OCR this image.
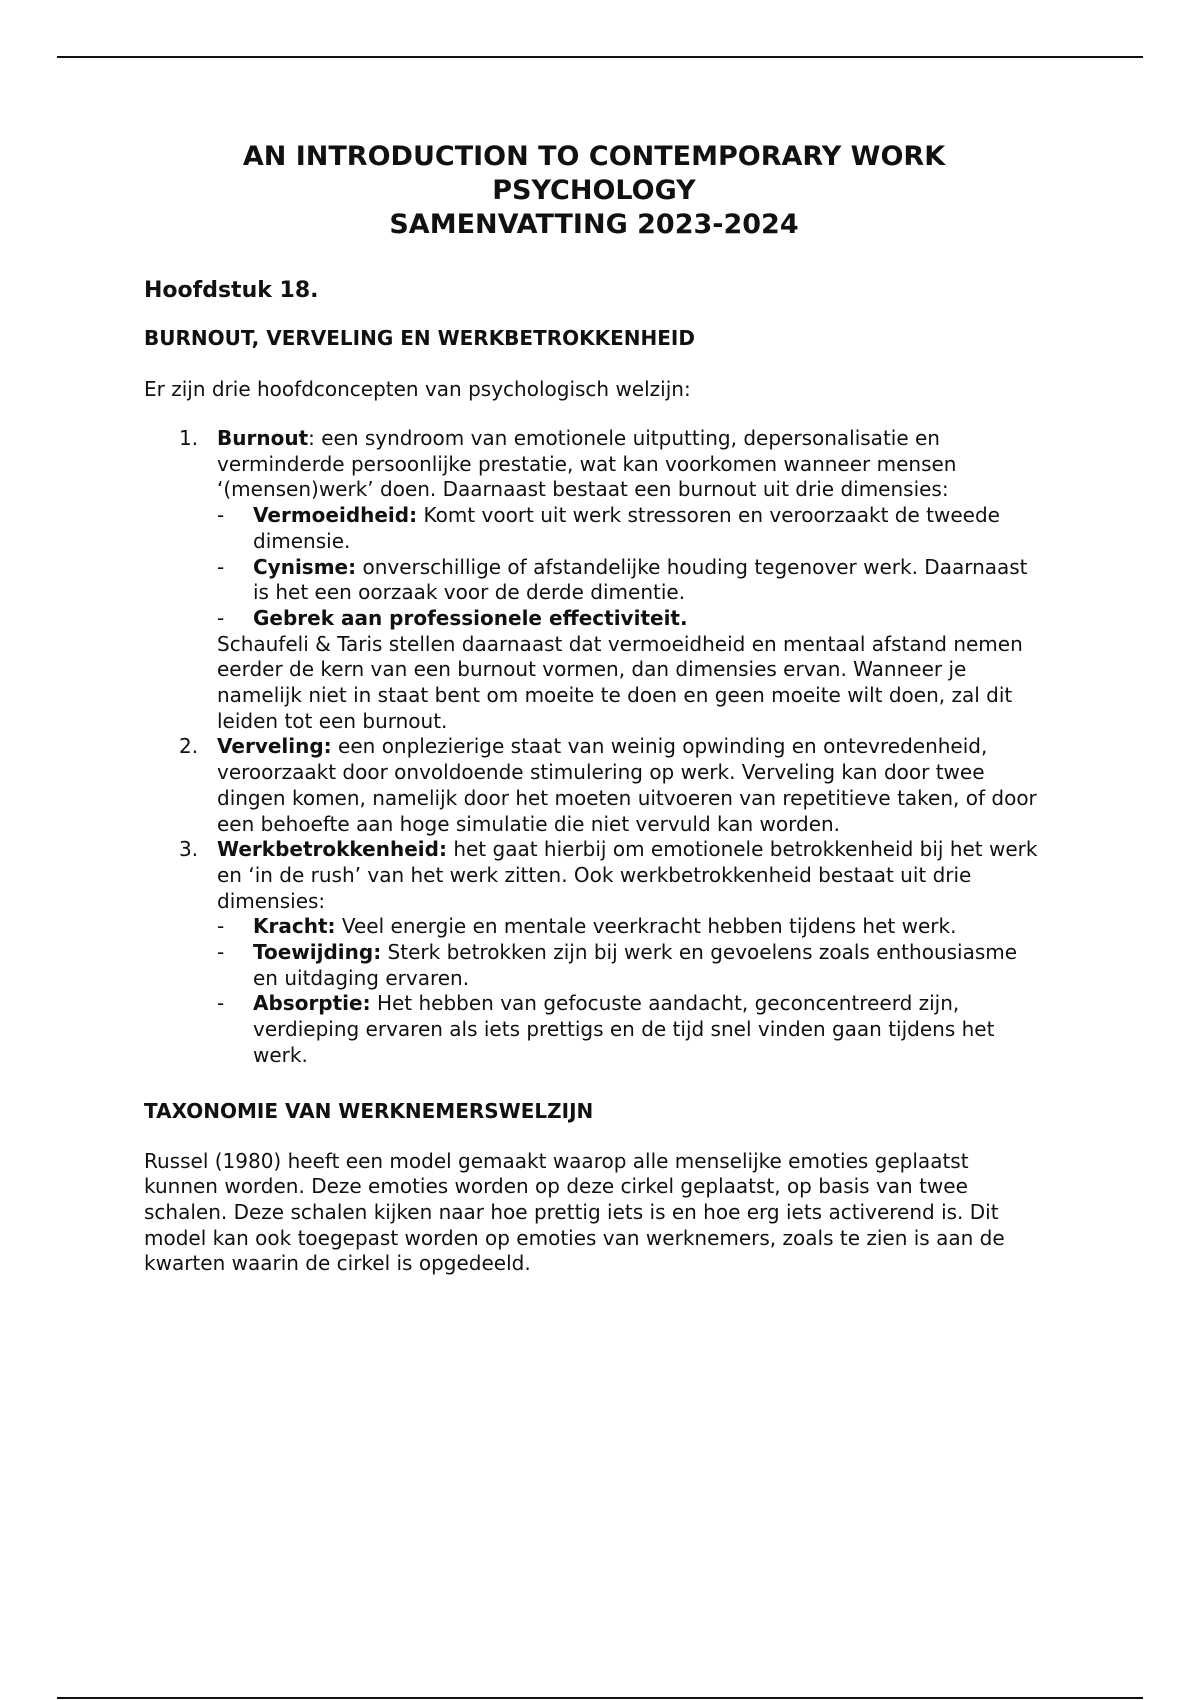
AN INTRODUCTION TO CONTEMPORARY WORK
PSYCHOLOGY
SAMENVATTING 2023-2024
Hoofdstuk 18.
BURNOUT, VERVELING EN WERKBETROKKENHEID

Er zijn drie hoofdconcepten van psychologisch welzijn:

1. Burnout: een syndroom van emotionele uitputting, depersonalisatie en verminderde persoonlijke prestatie, wat kan voorkomen wanneer mensen ‘(mensen)werk’ doen. Daarnaast bestaat een burnout uit drie dimensies:
- Vermoeidheid: Komt voort uit werk stressoren en veroorzaakt de tweede dimensie.
- Cynisme: onverschillige of afstandelijke houding tegenover werk. Daarnaast is het een oorzaak voor de derde dimentie.
- Gebrek aan professionele effectiviteit.
Schaufeli & Taris stellen daarnaast dat vermoeidheid en mentaal afstand nemen eerder de kern van een burnout vormen, dan dimensies ervan. Wanneer je namelijk niet in staat bent om moeite te doen en geen moeite wilt doen, zal dit leiden tot een burnout.
2. Verveling: een onplezierige staat van weinig opwinding en ontevredenheid, veroorzaakt door onvoldoende stimulering op werk. Verveling kan door twee dingen komen, namelijk door het moeten uitvoeren van repetitieve taken, of door een behoefte aan hoge simulatie die niet vervuld kan worden.
3. Werkbetrokkenheid: het gaat hierbij om emotionele betrokkenheid bij het werk en ‘in de rush’ van het werk zitten. Ook werkbetrokkenheid bestaat uit drie dimensies:
- Kracht: Veel energie en mentale veerkracht hebben tijdens het werk.
- Toewijding: Sterk betrokken zijn bij werk en gevoelens zoals enthousiasme en uitdaging ervaren.
- Absorptie: Het hebben van gefocuste aandacht, geconcentreerd zijn, verdieping ervaren als iets prettigs en de tijd snel vinden gaan tijdens het werk.
TAXONOMIE VAN WERKNEMERSWELZIJN

Russel (1980) heeft een model gemaakt waarop alle menselijke emoties geplaatst kunnen worden. Deze emoties worden op deze cirkel geplaatst, op basis van twee schalen. Deze schalen kijken naar hoe prettig iets is en hoe erg iets activerend is. Dit model kan ook toegepast worden op emoties van werknemers, zoals te zien is aan de kwarten waarin de cirkel is opgedeeld.
